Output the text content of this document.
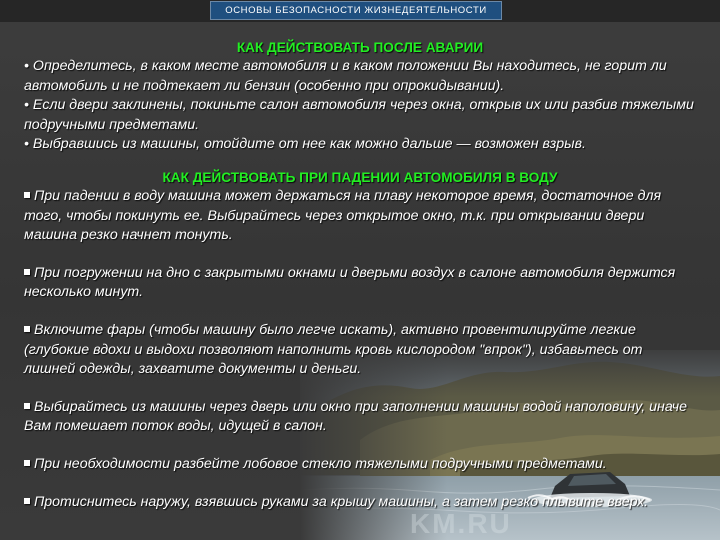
ОСНОВЫ БЕЗОПАСНОСТИ ЖИЗНЕДЕЯТЕЛЬНОСТИ
KM.RU

КАК ДЕЙСТВОВАТЬ ПОСЛЕ АВАРИИ

• Определитесь, в каком месте автомобиля и в каком положении Вы находитесь, не горит ли автомобиль и не подтекает ли бензин (особенно при опрокидывании).

• Если двери заклинены, покиньте салон автомобиля через окна, открыв их или разбив тяжелыми подручными предметами.

• Выбравшись из машины, отойдите от нее как можно дальше — возможен взрыв.

КАК ДЕЙСТВОВАТЬ ПРИ ПАДЕНИИ АВТОМОБИЛЯ В ВОДУ

При падении в воду машина может держаться на плаву некоторое время, достаточное для того, чтобы покинуть ее. Выбирайтесь через открытое окно, т.к. при открывании двери машина резко начнет тонуть.

При погружении на дно с закрытыми окнами и дверьми воздух в салоне автомобиля держится несколько минут.

Включите фары (чтобы машину было легче искать), активно провентилируйте легкие (глубокие вдохи и выдохи позволяют наполнить кровь кислородом "впрок"), избавьтесь от лишней одежды, захватите документы и деньги.

Выбирайтесь из машины через дверь или окно при заполнении машины водой наполовину, иначе Вам помешает поток воды, идущей в салон.

При необходимости разбейте лобовое стекло тяжелыми подручными предметами.

Протиснитесь наружу, взявшись руками за крышу машины, а затем резко плывите вверх.
